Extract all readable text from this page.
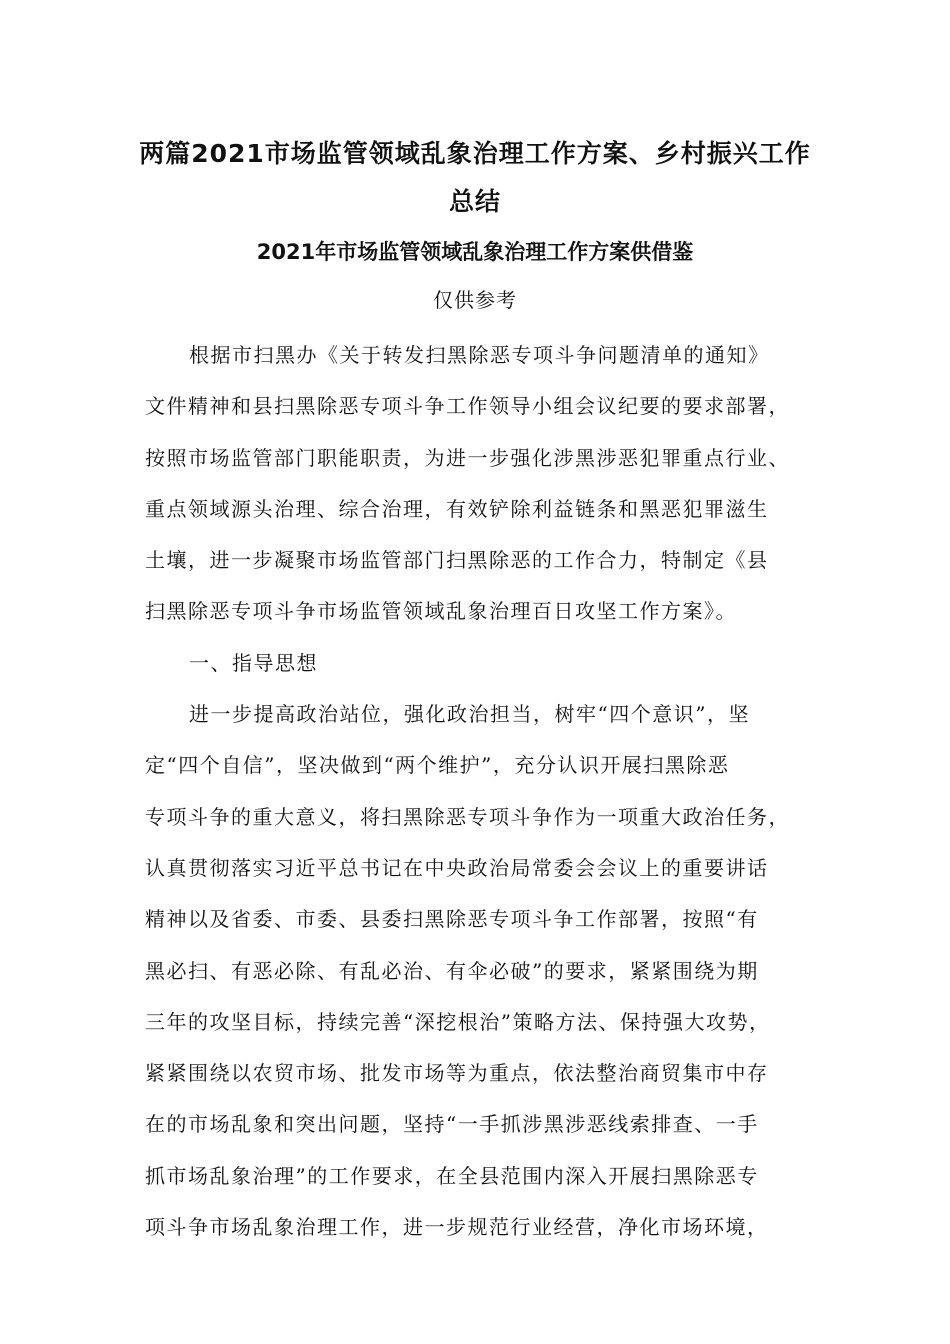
两篇2021市场监管领域乱象治理工作方案、乡村振兴工作
总结
2021年市场监管领域乱象治理工作方案供借鉴

仅供参考

根据市扫黑办《关于转发扫黑除恶专项斗争问题清单的通知》
文件精神和县扫黑除恶专项斗争工作领导小组会议纪要的要求部署，
按照市场监管部门职能职责，为进一步强化涉黑涉恶犯罪重点行业、
重点领域源头治理、综合治理，有效铲除利益链条和黑恶犯罪滋生
土壤，进一步凝聚市场监管部门扫黑除恶的工作合力，特制定《县
扫黑除恶专项斗争市场监管领域乱象治理百日攻坚工作方案》。
一、指导思想
进一步提高政治站位，强化政治担当，树牢“四个意识”，坚
定“四个自信”，坚决做到“两个维护”，充分认识开展扫黑除恶
专项斗争的重大意义，将扫黑除恶专项斗争作为一项重大政治任务，
认真贯彻落实习近平总书记在中央政治局常委会会议上的重要讲话
精神以及省委、市委、县委扫黑除恶专项斗争工作部署，按照“有
黑必扫、有恶必除、有乱必治、有伞必破”的要求，紧紧围绕为期
三年的攻坚目标，持续完善“深挖根治”策略方法、保持强大攻势，
紧紧围绕以农贸市场、批发市场等为重点，依法整治商贸集市中存
在的市场乱象和突出问题，坚持“一手抓涉黑涉恶线索排查、一手
抓市场乱象治理”的工作要求，在全县范围内深入开展扫黑除恶专
项斗争市场乱象治理工作，进一步规范行业经营，净化市场环境，
